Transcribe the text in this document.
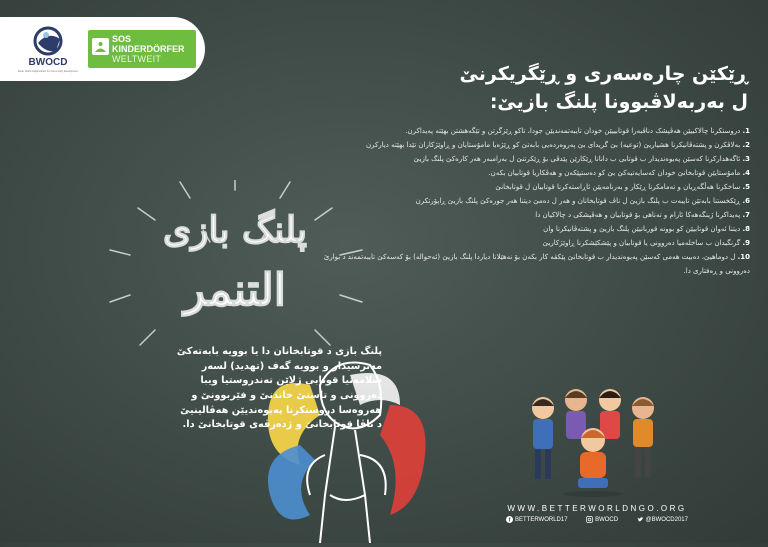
BWOCD
Better World Organization for Community Development
SOS
KINDERDÖRFER
WELTWEIT
ڕێکێن چارەسەری و ڕێگریکرنێ
ل بەربەلاڤبوونا پلنگ بازیێ:
1. دروستکرنا چالاکییێن هەڤپشک دناڤبەرا قوتابییێن خودان تایبەتمەندیێن جودا، تاکو ڕێزگرتن و تێگەهشتن بهێتە پەیداکرن.
2. بەلاڤکرن و پشتەڤانیکرنا هشیاریێ (توعیە) بێ گریدای بێ پەروەردەیی بابەتێ کو ڕێژەیا مامۆستایان و ڕاوێژکاران تێدا بهێتە دیارکرن
3. ئاگەهدارکرنا کەسێن پەیوەندیدار ب قوتابی ب دانانا ڕێکارێن پێدڤی بۆ ڕێکرتنێ ل بەرامبەر هەر کارەکێ پلنگ بازیێ
4. مامۆستایێن قوتابخانێ خودان کەسایەتیەکێ بێ کو دەستپێکەن و هەڤکاریا قوتابیان بکەن.
5. ساخکرنا هەڵگەڕیان و تەمامکرنا ڕێکار و بەرنامەیێن ئاڕاستەکرنا قوتابیان ل قوتابخانێ
6. ڕێکخستنا بابەتێن تایبەت ب پلنگ بازیێ ل ناڤ قوتابخانان و هەر ل دەمێ دیتنا هەر جورەکێ پلنگ بازیێ ڕاپۆرتکرن
7. پەیداکرنا ژینگەهەکا ئارام و تەناهی بۆ قوتابیان و هەڤپشکی د چالاکیان دا
8. دیتنا ئەوان قوتابیێن کو بوونە قوربانیێن پلنگ بازیێ و پشتەڤانیکرنا وان
9. گرنگیدان ب ساخلەمیا دەروونی یا قوتابیان و پێشکێشکرنا ڕاوێژکاریێ
10. ل دوماهیێ، دەبیت هەمی کەسێن پەیوەندیدار ب قوتابخانێ پێکڤە کار بکەن بۆ نەهێلانا دیاردا پلنگ بازیێ (ئەحوالە) بۆ کەسەکێ تایبەتمەند د بوارێ دەروونی و ڕەفتاری دا.
پلنگ بازی
التنمر
پلنگ بازی د قوتابخانان دا یا بوویە بابەتەکێ مەترسیدار و بوویە گەف (تهدید) لسەر سلامەتیا قوتابی ژلاێن تەندروستیا ویبا دەروونی و تاستێ خاندنێ و فێربوونێ و هەروەسا دروستکرنا پەیوەندیێن هەڤالینیێ د ناڤا قوتابخانێ و ژدەرڤەی قوتابخانێ دا.
WWW.BETTERWORLDNGO.ORG
f BETTERWORLD17	BWOCD	@BWOCD2017
